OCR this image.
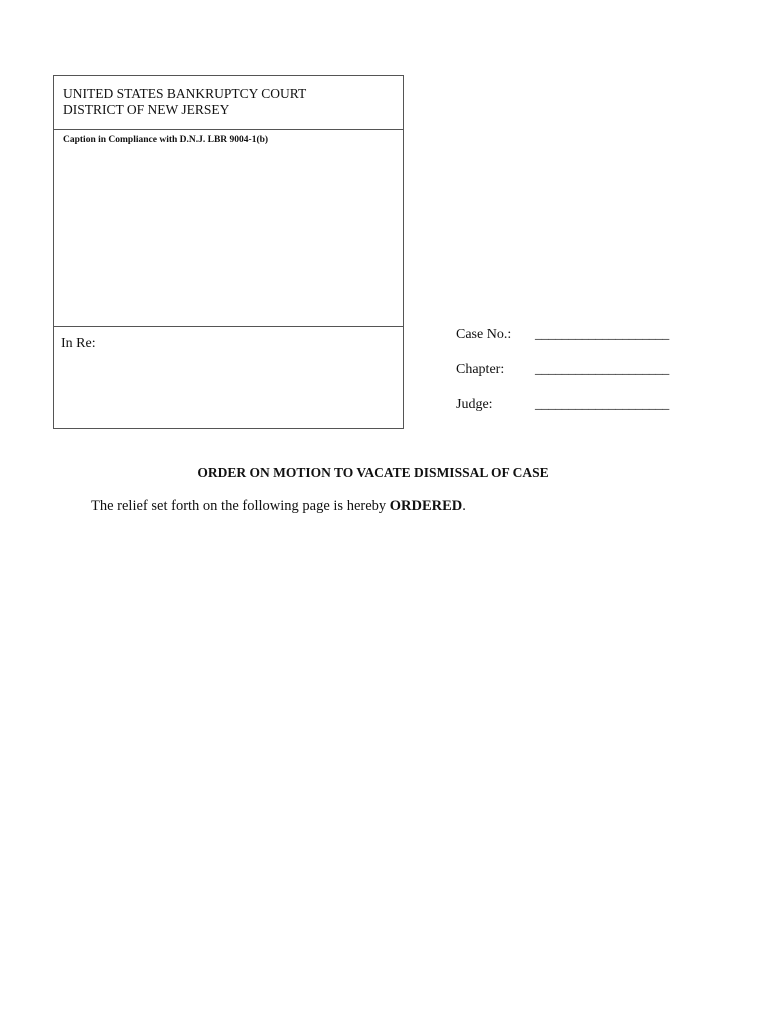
UNITED STATES BANKRUPTCY COURT
DISTRICT OF NEW JERSEY
Caption in Compliance with D.N.J. LBR 9004-1(b)
In Re:
Case No.: ____________________
Chapter: ____________________
Judge:	____________________
ORDER ON MOTION TO VACATE DISMISSAL OF CASE
The relief set forth on the following page is hereby ORDERED.
